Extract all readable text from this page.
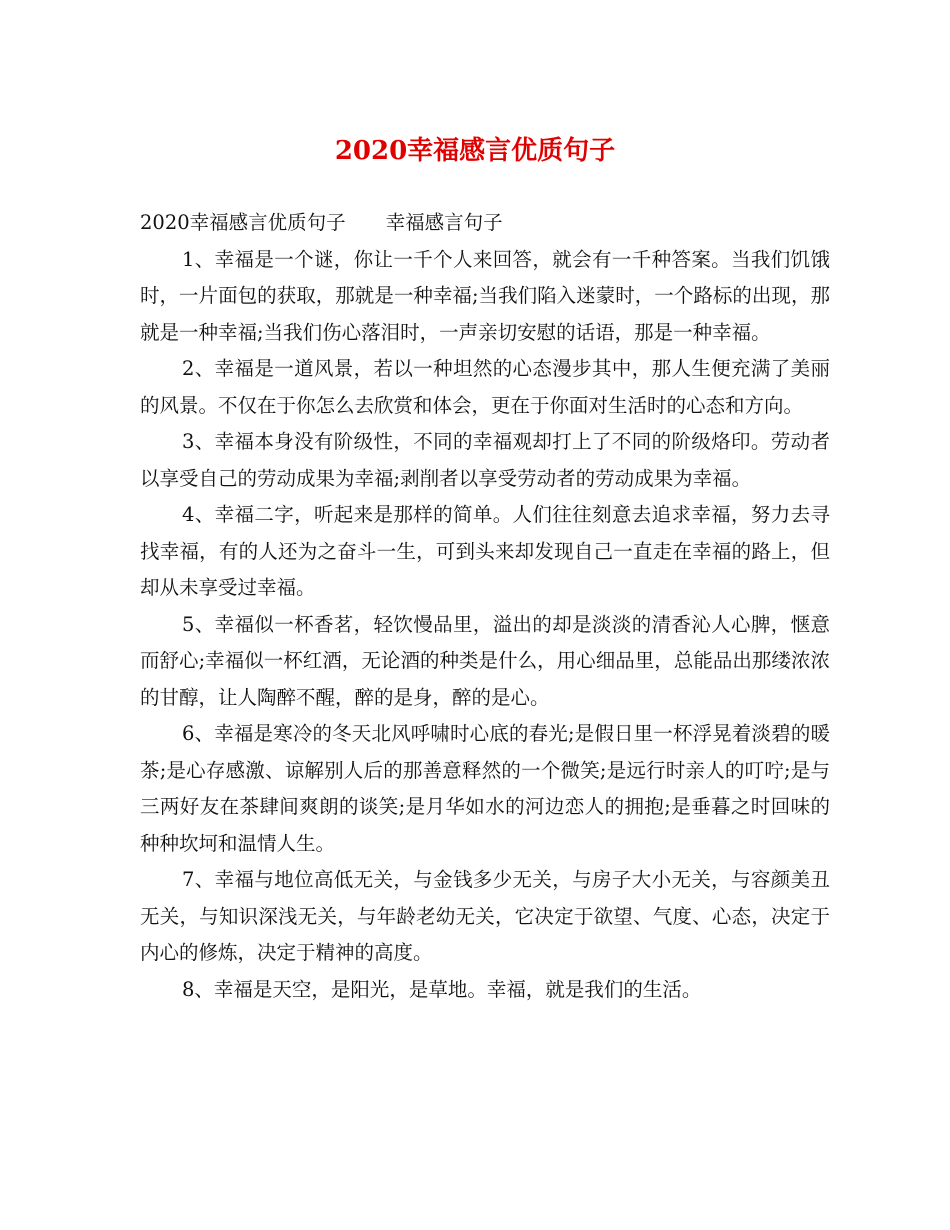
2020幸福感言优质句子
2020幸福感言优质句子 幸福感言句子

1、幸福是一个谜，你让一千个人来回答，就会有一千种答案。当我们饥饿时，一片面包的获取，那就是一种幸福;当我们陷入迷蒙时，一个路标的出现，那就是一种幸福;当我们伤心落泪时，一声亲切安慰的话语，那是一种幸福。

2、幸福是一道风景，若以一种坦然的心态漫步其中，那人生便充满了美丽的风景。不仅在于你怎么去欣赏和体会，更在于你面对生活时的心态和方向。

3、幸福本身没有阶级性，不同的幸福观却打上了不同的阶级烙印。劳动者以享受自己的劳动成果为幸福;剥削者以享受劳动者的劳动成果为幸福。

4、幸福二字，听起来是那样的简单。人们往往刻意去追求幸福，努力去寻找幸福，有的人还为之奋斗一生，可到头来却发现自己一直走在幸福的路上，但却从未享受过幸福。

5、幸福似一杯香茗，轻饮慢品里，溢出的却是淡淡的清香沁人心脾，惬意而舒心;幸福似一杯红酒，无论酒的种类是什么，用心细品里，总能品出那缕浓浓的甘醇，让人陶醉不醒，醉的是身，醉的是心。

6、幸福是寒冷的冬天北风呼啸时心底的春光;是假日里一杯浮晃着淡碧的暖茶;是心存感激、谅解别人后的那善意释然的一个微笑;是远行时亲人的叮咛;是与三两好友在茶肆间爽朗的谈笑;是月华如水的河边恋人的拥抱;是垂暮之时回味的种种坎坷和温情人生。

7、幸福与地位高低无关，与金钱多少无关，与房子大小无关，与容颜美丑无关，与知识深浅无关，与年龄老幼无关，它决定于欲望、气度、心态，决定于内心的修炼，决定于精神的高度。

8、幸福是天空，是阳光，是草地。幸福，就是我们的生活。
